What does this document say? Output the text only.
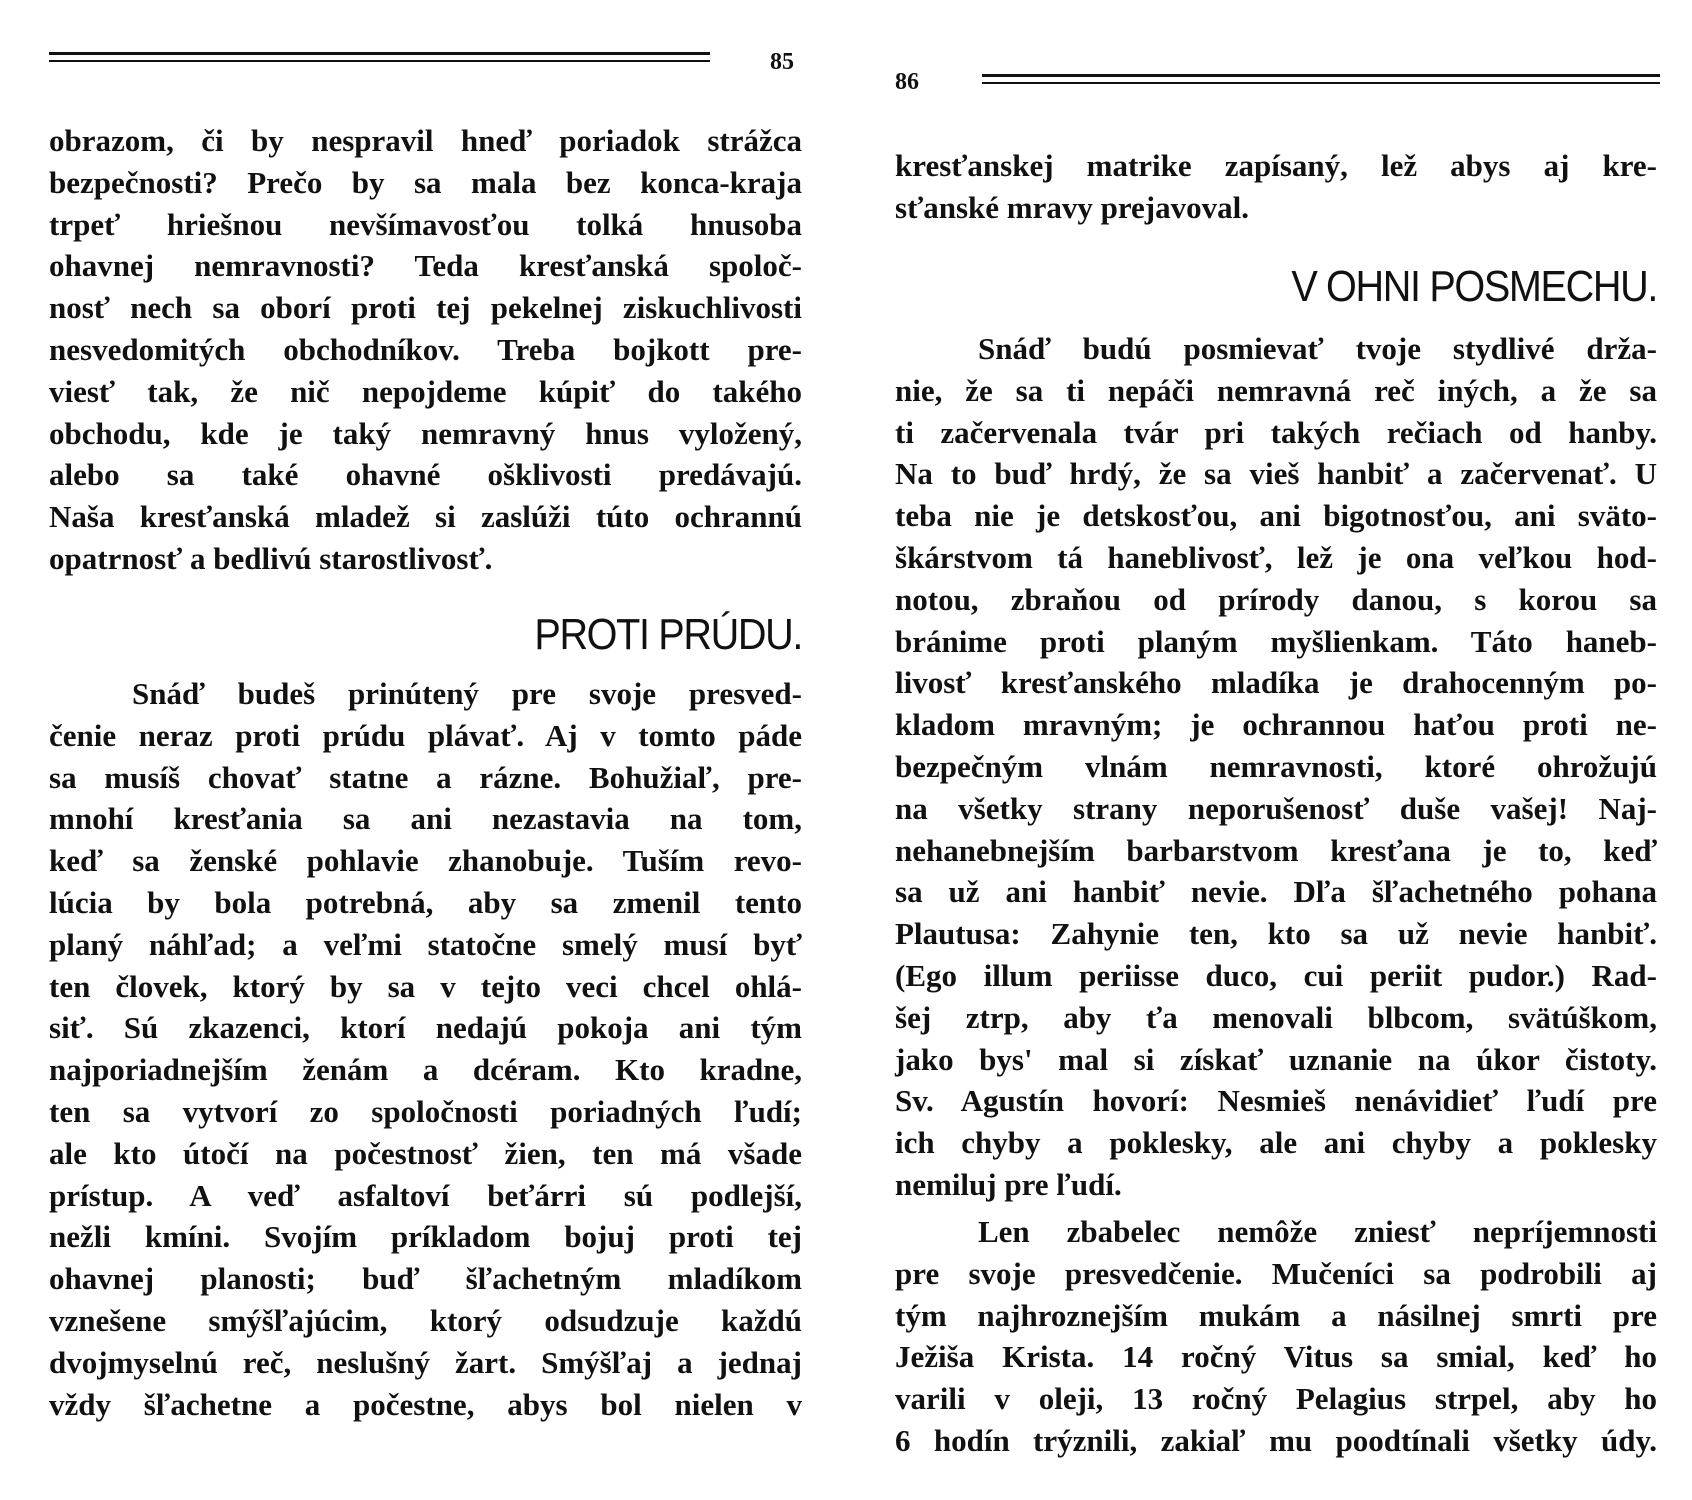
85
obrazom, či by nespravil hneď poriadok strážca
bezpečnosti? Prečo by sa mala bez konca-kraja
trpeť hriešnou nevšímavosťou tolká hnusoba
ohavnej nemravnosti? Teda kresťanská spoloč-
nosť nech sa oborí proti tej pekelnej ziskuchlivosti
nesvedomitých obchodníkov. Treba bojkott pre-
viesť tak, že nič nepojdeme kúpiť do takého
obchodu, kde je taký nemravný hnus vyložený,
alebo sa také ohavné ošklivosti predávajú.
Naša kresťanská mladež si zaslúži túto ochrannú
opatrnosť a bedlivú starostlivosť.
PROTI PRÚDU.
Snáď budeš prinútený pre svoje presved-
čenie neraz proti prúdu plávať. Aj v tomto páde
sa musíš chovať statne a rázne. Bohužiaľ, pre-
mnohí kresťania sa ani nezastavia na tom,
keď sa ženské pohlavie zhanobuje. Tuším revo-
lúcia by bola potrebná, aby sa zmenil tento
planý náhľad; a veľmi statočne smelý musí byť
ten človek, ktorý by sa v tejto veci chcel ohlá-
siť. Sú zkazenci, ktorí nedajú pokoja ani tým
najporiadnejším ženám a dcéram. Kto kradne,
ten sa vytvorí zo spoločnosti poriadných ľudí;
ale kto útočí na počestnosť žien, ten má všade
prístup. A veď asfaltoví beťárri sú podlejší,
nežli kmíni. Svojím príkladom bojuj proti tej
ohavnej planosti; buď šľachetným mladíkom
vznešene smýšľajúcim, ktorý odsudzuje každú
dvojmyselnú reč, neslušný žart. Smýšľaj a jednaj
vždy šľachetne a počestne, abys bol nielen v
86
kresťanskej matrike zapísaný, lež abys aj kre-
sťanské mravy prejavoval.
V OHNI POSMECHU.
Snáď budú posmievať tvoje stydlivé drža-
nie, že sa ti nepáči nemravná reč iných, a že sa
ti začervenala tvár pri takých rečiach od hanby.
Na to buď hrdý, že sa vieš hanbiť a začervenať. U
teba nie je detskosťou, ani bigotnosťou, ani sväto-
škárstvom tá haneblivosť, lež je ona veľkou hod-
notou, zbraňou od prírody danou, s korou sa
bránime proti planým myšlienkam. Táto haneb-
livosť kresťanského mladíka je drahocenným po-
kladom mravným; je ochrannou haťou proti ne-
bezpečným vlnám nemravnosti, ktoré ohrožujú
na všetky strany neporušenosť duše vašej! Naj-
nehanebnejším barbarstvom kresťana je to, keď
sa už ani hanbiť nevie. Dľa šľachetného pohana
Plautusa: Zahynie ten, kto sa už nevie hanbiť.
(Ego illum periisse duco, cui periit pudor.) Rad-
šej ztrp, aby ťa menovali blbcom, svätúškom,
jako bys' mal si získať uznanie na úkor čistoty.
Sv. Agustín hovorí: Nesmieš nenávidieť ľudí pre
ich chyby a poklesky, ale ani chyby a poklesky
nemiluj pre ľudí.
Len zbabelec nemôže zniesť nepríjemnosti
pre svoje presvedčenie. Mučeníci sa podrobili aj
tým najhroznejším mukám a násilnej smrti pre
Ježiša Krista. 14 ročný Vitus sa smial, keď ho
varili v oleji, 13 ročný Pelagius strpel, aby ho
6 hodín trýznili, zakiaľ mu poodtínali všetky údy.
